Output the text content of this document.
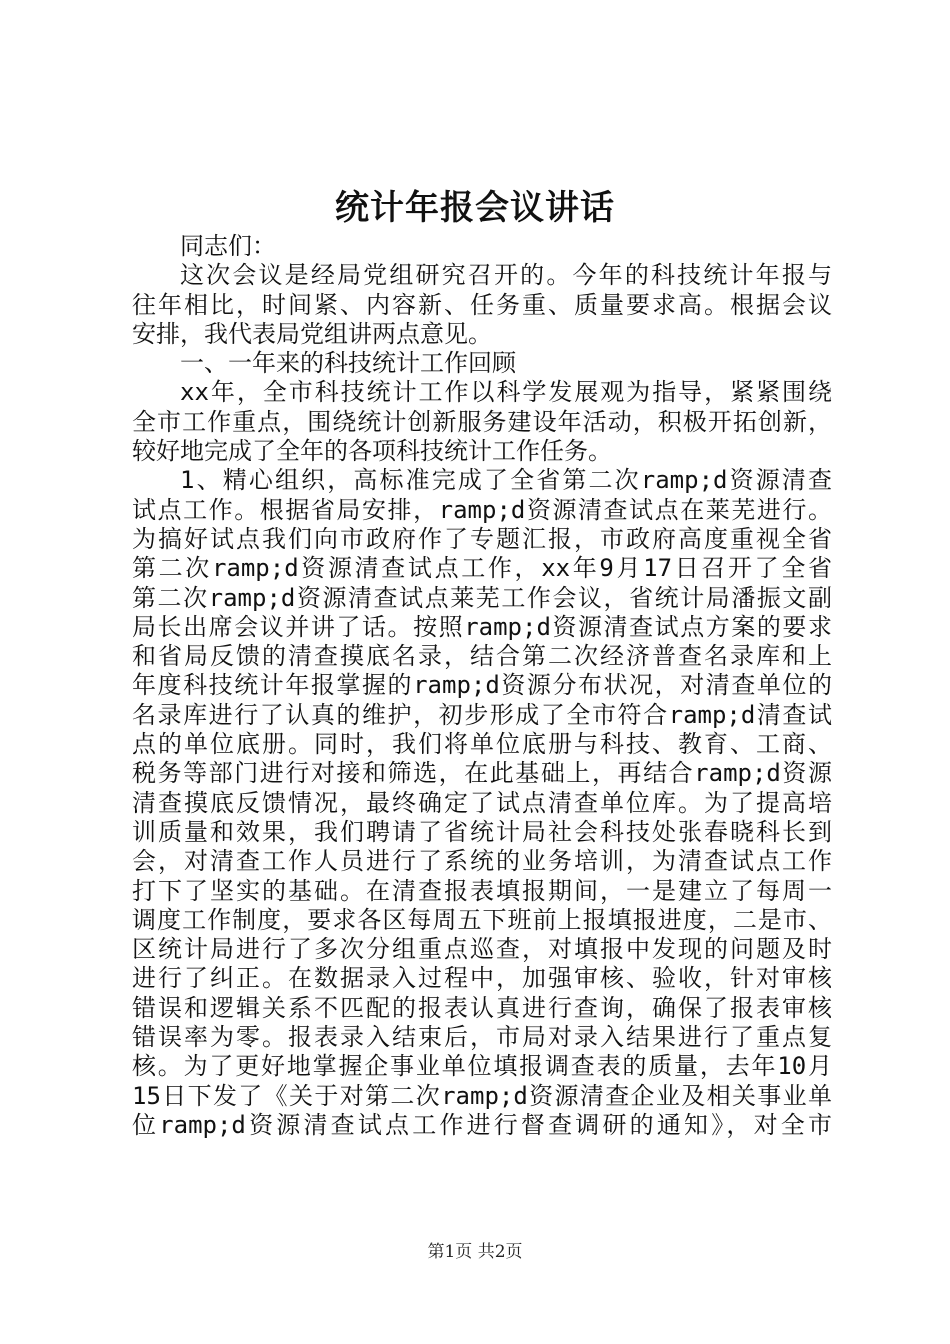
统计年报会议讲话
同志们：
这次会议是经局党组研究召开的。今年的科技统计年报与
往年相比，时间紧、内容新、任务重、质量要求高。根据会议
安排，我代表局党组讲两点意见。
一、一年来的科技统计工作回顾
xx年，全市科技统计工作以科学发展观为指导，紧紧围绕
全市工作重点，围绕统计创新服务建设年活动，积极开拓创新，
较好地完成了全年的各项科技统计工作任务。
1、精心组织，高标准完成了全省第二次ramp;d资源清查
试点工作。根据省局安排，ramp;d资源清查试点在莱芜进行。
为搞好试点我们向市政府作了专题汇报，市政府高度重视全省
第二次ramp;d资源清查试点工作，xx年9月17日召开了全省
第二次ramp;d资源清查试点莱芜工作会议，省统计局潘振文副
局长出席会议并讲了话。按照ramp;d资源清查试点方案的要求
和省局反馈的清查摸底名录，结合第二次经济普查名录库和上
年度科技统计年报掌握的ramp;d资源分布状况，对清查单位的
名录库进行了认真的维护，初步形成了全市符合ramp;d清查试
点的单位底册。同时，我们将单位底册与科技、教育、工商、
税务等部门进行对接和筛选，在此基础上，再结合ramp;d资源
清查摸底反馈情况，最终确定了试点清查单位库。为了提高培
训质量和效果，我们聘请了省统计局社会科技处张春晓科长到
会，对清查工作人员进行了系统的业务培训，为清查试点工作
打下了坚实的基础。在清查报表填报期间，一是建立了每周一
调度工作制度，要求各区每周五下班前上报填报进度，二是市、
区统计局进行了多次分组重点巡查，对填报中发现的问题及时
进行了纠正。在数据录入过程中，加强审核、验收，针对审核
错误和逻辑关系不匹配的报表认真进行查询，确保了报表审核
错误率为零。报表录入结束后，市局对录入结果进行了重点复
核。为了更好地掌握企事业单位填报调查表的质量，去年10月
15日下发了《关于对第二次ramp;d资源清查企业及相关事业单
位ramp;d资源清查试点工作进行督查调研的通知》，对全市
第1页 共2页
